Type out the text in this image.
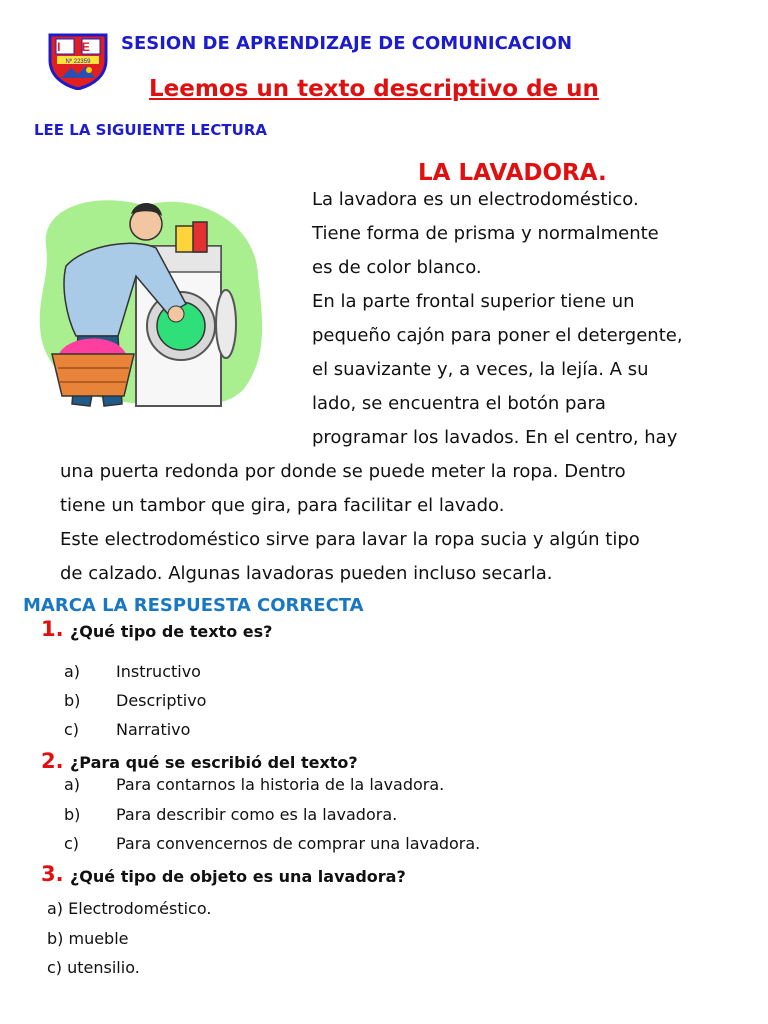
I E
Nº 22359
SESION DE APRENDIZAJE DE COMUNICACION
Leemos un texto descriptivo de un
LEE LA SIGUIENTE LECTURA
LA LAVADORA.
La lavadora es un electrodoméstico.
Tiene forma de prisma y normalmente
es de color blanco.
En la parte frontal superior tiene un
pequeño cajón para poner el detergente,
el suavizante y, a veces, la lejía. A su
lado, se encuentra el botón para
programar los lavados. En el centro, hay
una puerta redonda por donde se puede meter la ropa. Dentro
tiene un tambor que gira, para facilitar el lavado.
Este electrodoméstico sirve para lavar la ropa sucia y algún tipo
de calzado. Algunas lavadoras pueden incluso secarla.
MARCA LA RESPUESTA CORRECTA
1. ¿Qué tipo de texto es?
a) Instructivo
b) Descriptivo
c) Narrativo
2. ¿Para qué se escribió del texto?
a) Para contarnos la historia de la lavadora.
b) Para describir como es la lavadora.
c) Para convencernos de comprar una lavadora.
3. ¿Qué tipo de objeto es una lavadora?
a) Electrodoméstico.
b) mueble
c) utensilio.
